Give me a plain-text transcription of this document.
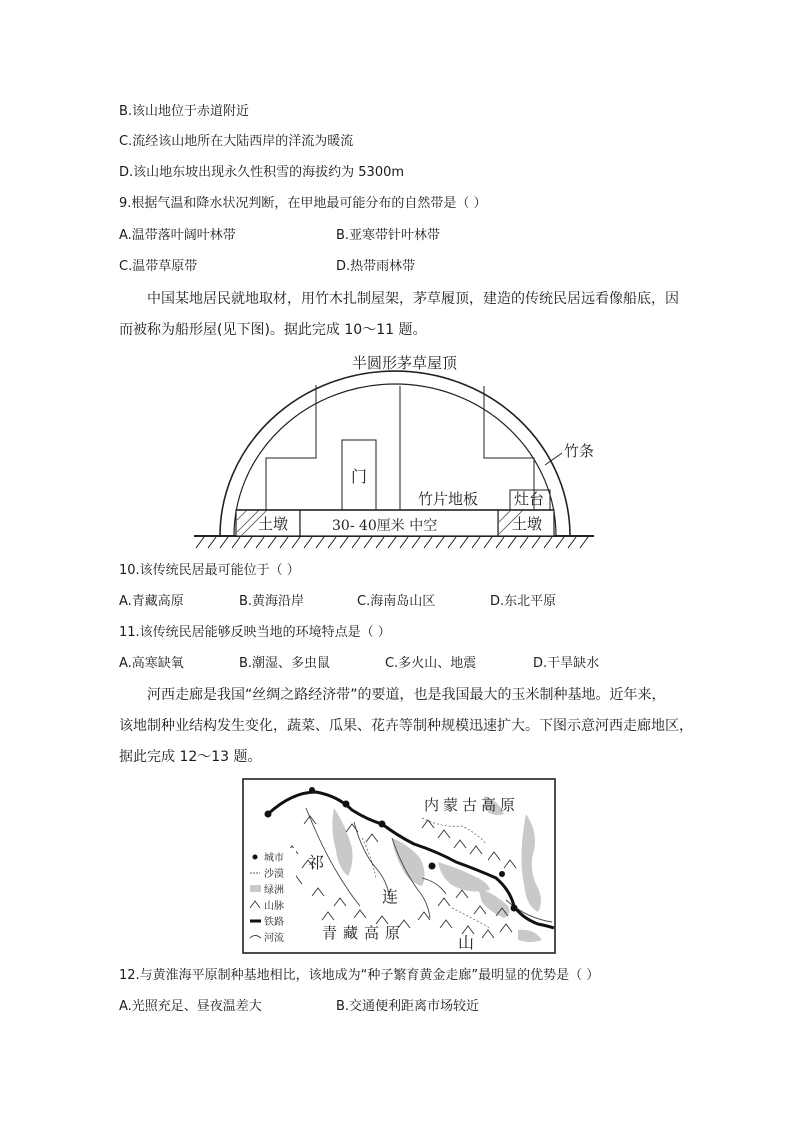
B.该山地位于赤道附近
C.流经该山地所在大陆西岸的洋流为暖流
D.该山地东坡出现永久性积雪的海拔约为 5300m
9.根据气温和降水状况判断，在甲地最可能分布的自然带是（ ）
A.温带落叶阔叶林带	B.亚寒带针叶林带
C.温带草原带	D.热带雨林带
中国某地居民就地取材，用竹木扎制屋架，茅草履顶，建造的传统民居远看像船底，因
而被称为船形屋(见下图)。据此完成 10～11 题。
半圆形茅草屋顶
竹条
门
竹片地板 灶台
土墩	土墩
30- 40厘米 中空
10.该传统民居最可能位于（ ）
A.青藏高原	B.黄海沿岸	C.海南岛山区	D.东北平原
11.该传统民居能够反映当地的环境特点是（ ）
A.高寒缺氧	B.潮湿、多虫鼠	C.多火山、地震	D.干旱缺水
河西走廊是我国“丝绸之路经济带”的要道，也是我国最大的玉米制种基地。近年来，
该地制种业结构发生变化，蔬菜、瓜果、花卉等制种规模迅速扩大。下图示意河西走廊地区，
据此完成 12～13 题。
城市
沙漠
绿洲
山脉
铁路
河流
内蒙古高原
青藏高原
祁
连
山
12.与黄淮海平原制种基地相比，该地成为“种子繁育黄金走廊”最明显的优势是（ ）
A.光照充足、昼夜温差大	B.交通便利距离市场较近
